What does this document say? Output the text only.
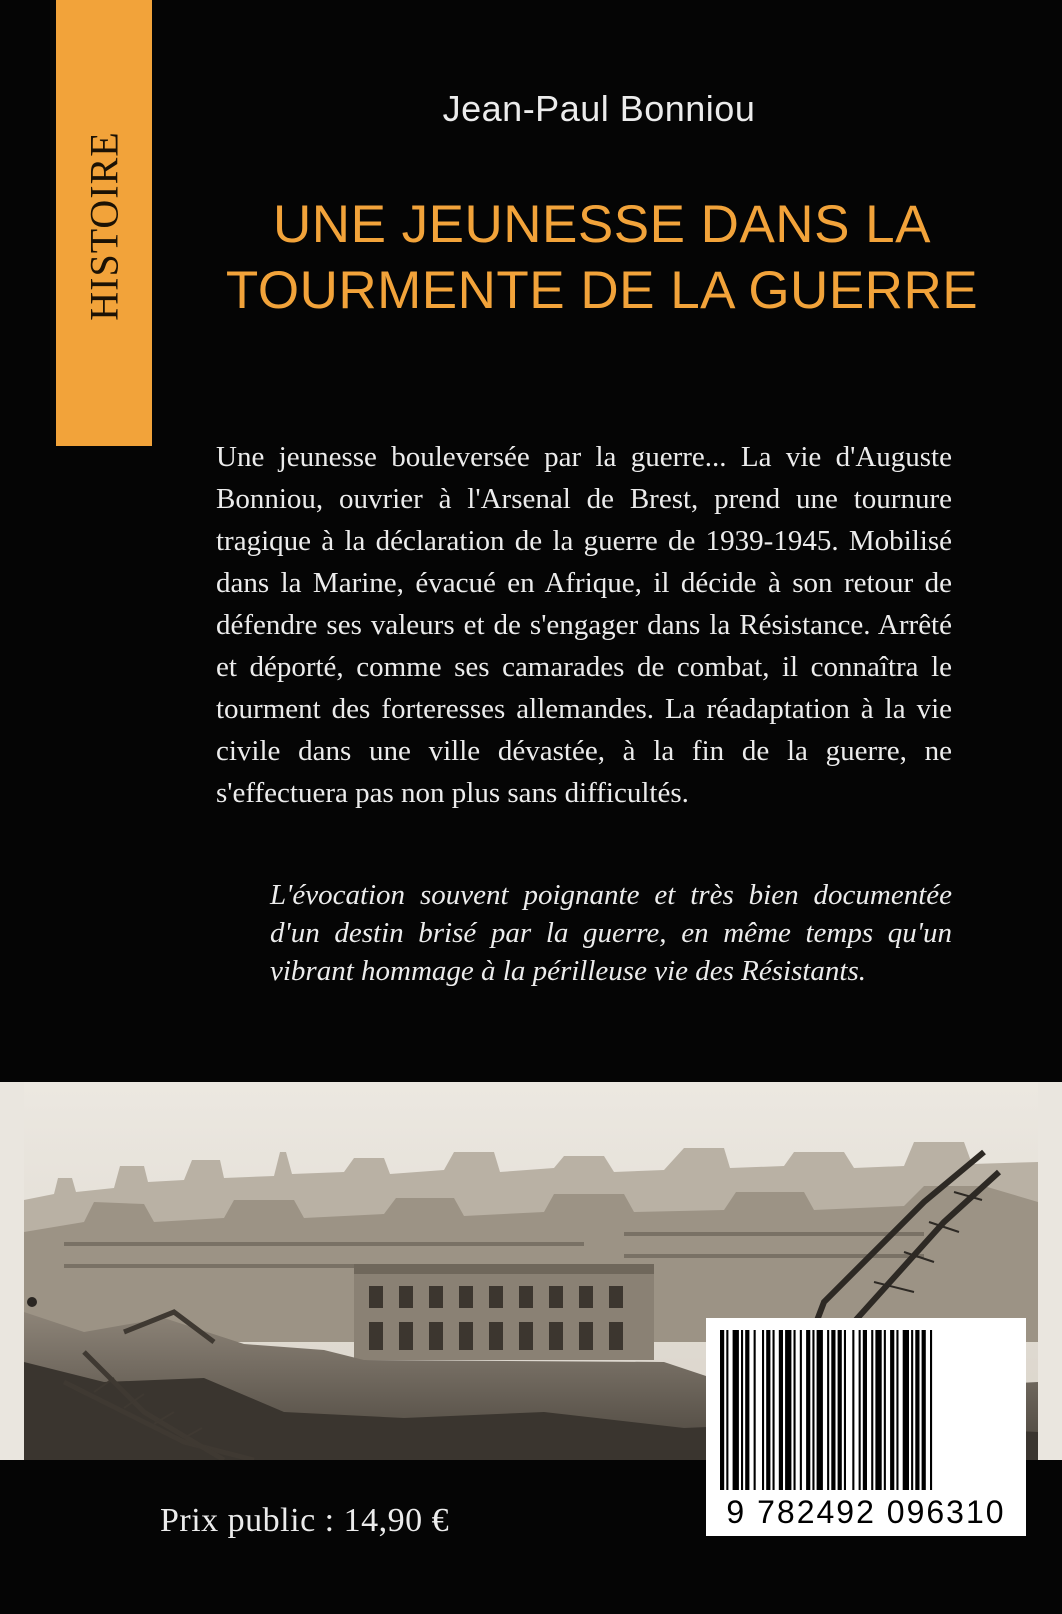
HISTOIRE
Jean-Paul Bonniou
UNE JEUNESSE DANS LA
TOURMENTE DE LA GUERRE

Une jeunesse bouleversée par la guerre... La vie d'Auguste Bonniou, ouvrier à l'Arsenal de Brest, prend une tournure tragique à la déclaration de la guerre de 1939-1945. Mobilisé dans la Marine, évacué en Afrique, il décide à son retour de défendre ses valeurs et de s'engager dans la Résistance. Arrêté et déporté, comme ses camarades de combat, il connaîtra le tourment des forteresses allemandes. La réadaptation à la vie civile dans une ville dévastée, à la fin de la guerre, ne s'effectuera pas non plus sans difficultés.

L'évocation souvent poignante et très bien documentée d'un destin brisé par la guerre, en même temps qu'un vibrant hommage à la périlleuse vie des Résistants.

Prix public : 14,90 €	9 782492 096310
